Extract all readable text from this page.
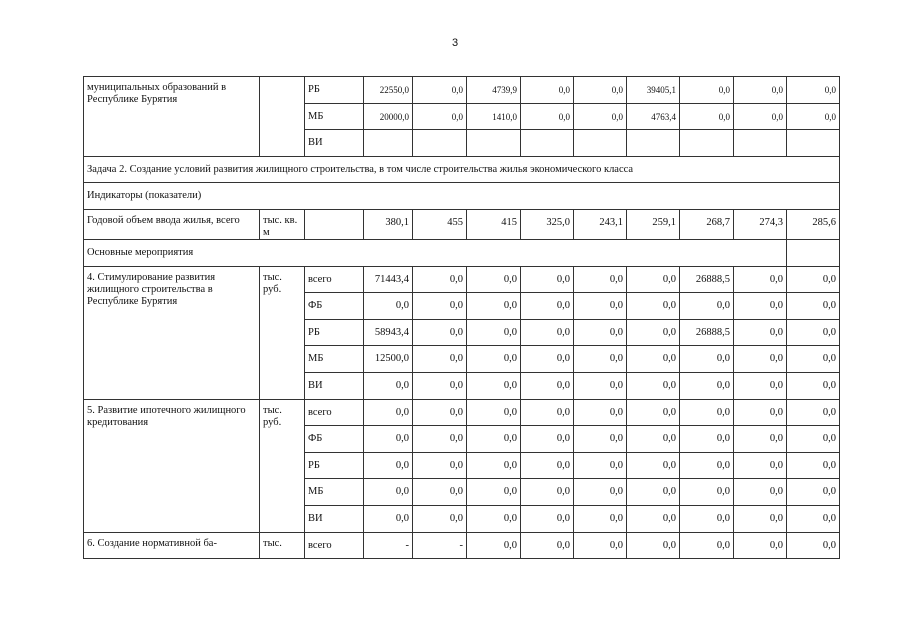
3
муниципальных образований в Республике Бурятия		РБ	22550,0	0,0	4739,9	0,0	0,0	39405,1	0,0	0,0	0,0
		МБ	20000,0	0,0	1410,0	0,0	0,0	4763,4	0,0	0,0	0,0
		ВИ									
Задача 2. Создание условий развития жилищного строительства, в том числе строительства жилья экономического класса											
Индикаторы (показатели)											
Годовой объем ввода жилья, всего	тыс. кв. м		380,1	455	415	325,0	243,1	259,1	268,7	274,3	285,6
Основные мероприятия											
4. Стимулирование развития жилищного строительства в Республике Бурятия	тыс. руб.	всего	71443,4	0,0	0,0	0,0	0,0	0,0	26888,5	0,0	0,0
		ФБ	0,0	0,0	0,0	0,0	0,0	0,0	0,0	0,0	0,0
		РБ	58943,4	0,0	0,0	0,0	0,0	0,0	26888,5	0,0	0,0
		МБ	12500,0	0,0	0,0	0,0	0,0	0,0	0,0	0,0	0,0
		ВИ	0,0	0,0	0,0	0,0	0,0	0,0	0,0	0,0	0,0
5. Развитие ипотечного жилищного кредитования	тыс. руб.	всего	0,0	0,0	0,0	0,0	0,0	0,0	0,0	0,0	0,0
		ФБ	0,0	0,0	0,0	0,0	0,0	0,0	0,0	0,0	0,0
		РБ	0,0	0,0	0,0	0,0	0,0	0,0	0,0	0,0	0,0
		МБ	0,0	0,0	0,0	0,0	0,0	0,0	0,0	0,0	0,0
		ВИ	0,0	0,0	0,0	0,0	0,0	0,0	0,0	0,0	0,0
6. Создание нормативной ба-	тыс.	всего	-	-	0,0	0,0	0,0	0,0	0,0	0,0	0,0
